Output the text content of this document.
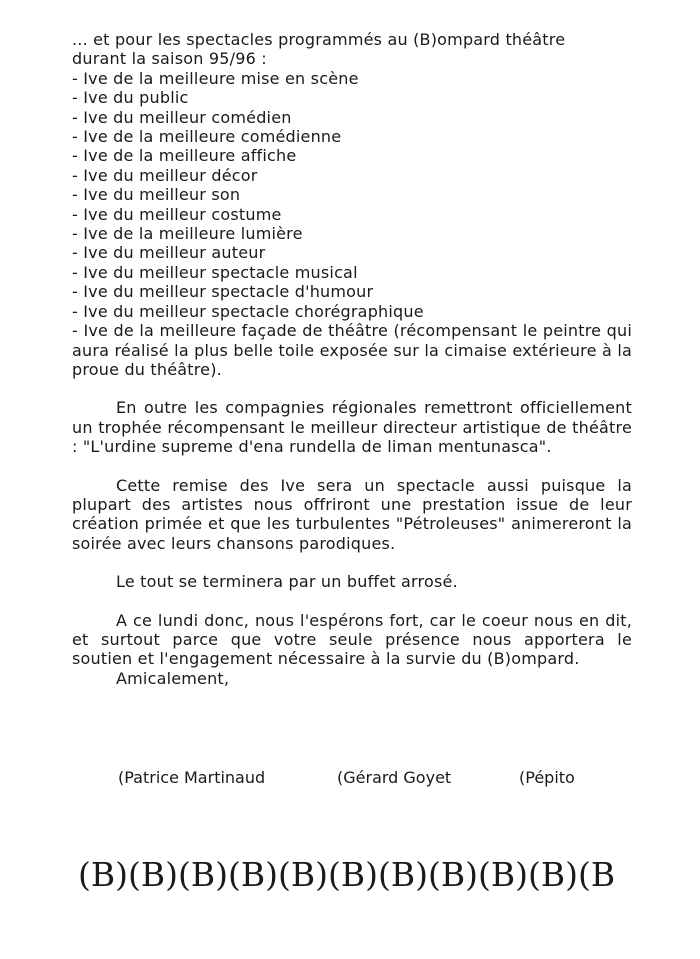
... et pour les spectacles programmés au (B)ompard théâtre
durant la saison 95/96 :
- Ive de la meilleure mise en scène
- Ive du public
- Ive du meilleur comédien
- Ive de la meilleure comédienne
- Ive de la meilleure affiche
- Ive du meilleur décor
- Ive du meilleur son
- Ive du meilleur costume
- Ive de la meilleure lumière
- Ive du meilleur auteur
- Ive du meilleur spectacle musical
- Ive du meilleur spectacle d'humour
- Ive du meilleur spectacle chorégraphique
- Ive de la meilleure façade de théâtre (récompensant le peintre qui aura réalisé la plus belle toile exposée sur la cimaise extérieure à la proue du théâtre).
En outre les compagnies régionales remettront officiellement un trophée récompensant le meilleur directeur artistique de théâtre : "L'urdine supreme d'ena rundella de liman mentunasca".
Cette remise des Ive sera un spectacle aussi puisque la plupart des artistes nous offriront une prestation issue de leur création primée et que les turbulentes "Pétroleuses" animereront la soirée avec leurs chansons parodiques.
Le tout se terminera par un buffet arrosé.
A ce lundi donc, nous l'espérons fort, car le coeur nous en dit, et surtout parce que votre seule présence nous apportera le soutien et l'engagement nécessaire à la survie du (B)ompard.
Amicalement,
(Patrice Martinaud	(Gérard Goyet	(Pépito
(B)(B)(B)(B)(B)(B)(B)(B)(B)(B)(B
